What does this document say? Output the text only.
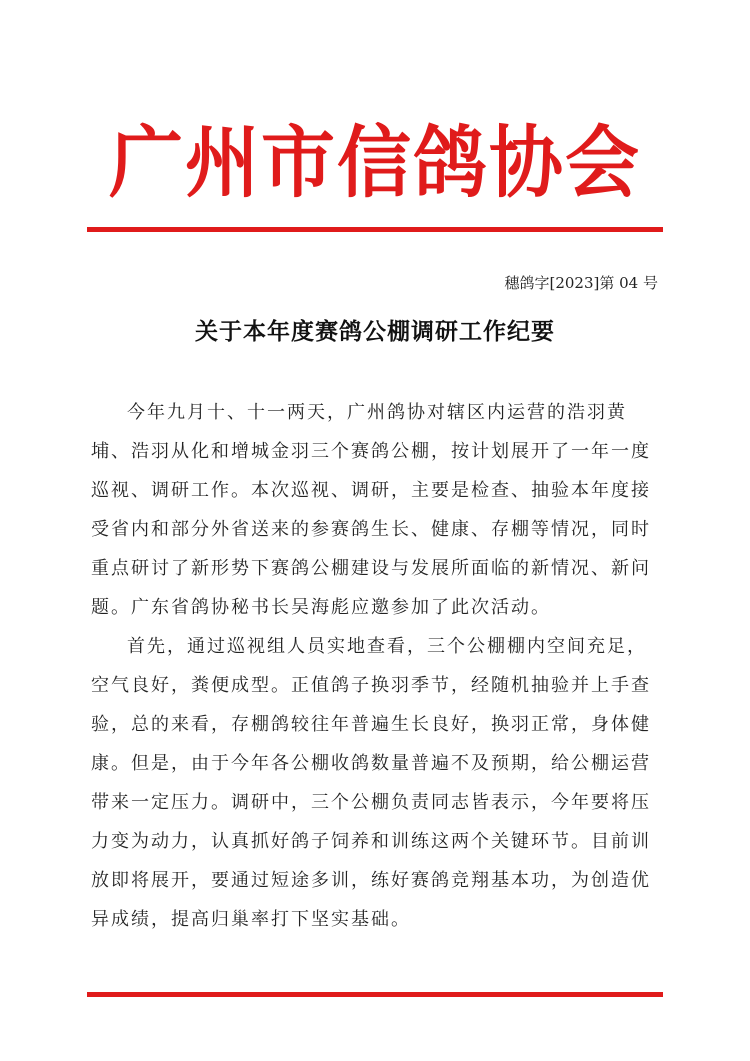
广州市信鸽协会
穗鸽字[2023]第 04 号
关于本年度赛鸽公棚调研工作纪要
今年九月十、十一两天，广州鸽协对辖区内运营的浩羽黄
埔、浩羽从化和增城金羽三个赛鸽公棚，按计划展开了一年一度
巡视、调研工作。本次巡视、调研，主要是检查、抽验本年度接
受省内和部分外省送来的参赛鸽生长、健康、存棚等情况，同时
重点研讨了新形势下赛鸽公棚建设与发展所面临的新情况、新问
题。广东省鸽协秘书长吴海彪应邀参加了此次活动。
首先，通过巡视组人员实地查看，三个公棚棚内空间充足，
空气良好，粪便成型。正值鸽子换羽季节，经随机抽验并上手查
验，总的来看，存棚鸽较往年普遍生长良好，换羽正常，身体健
康。但是，由于今年各公棚收鸽数量普遍不及预期，给公棚运营
带来一定压力。调研中，三个公棚负责同志皆表示，今年要将压
力变为动力，认真抓好鸽子饲养和训练这两个关键环节。目前训
放即将展开，要通过短途多训，练好赛鸽竞翔基本功，为创造优
异成绩，提高归巢率打下坚实基础。
